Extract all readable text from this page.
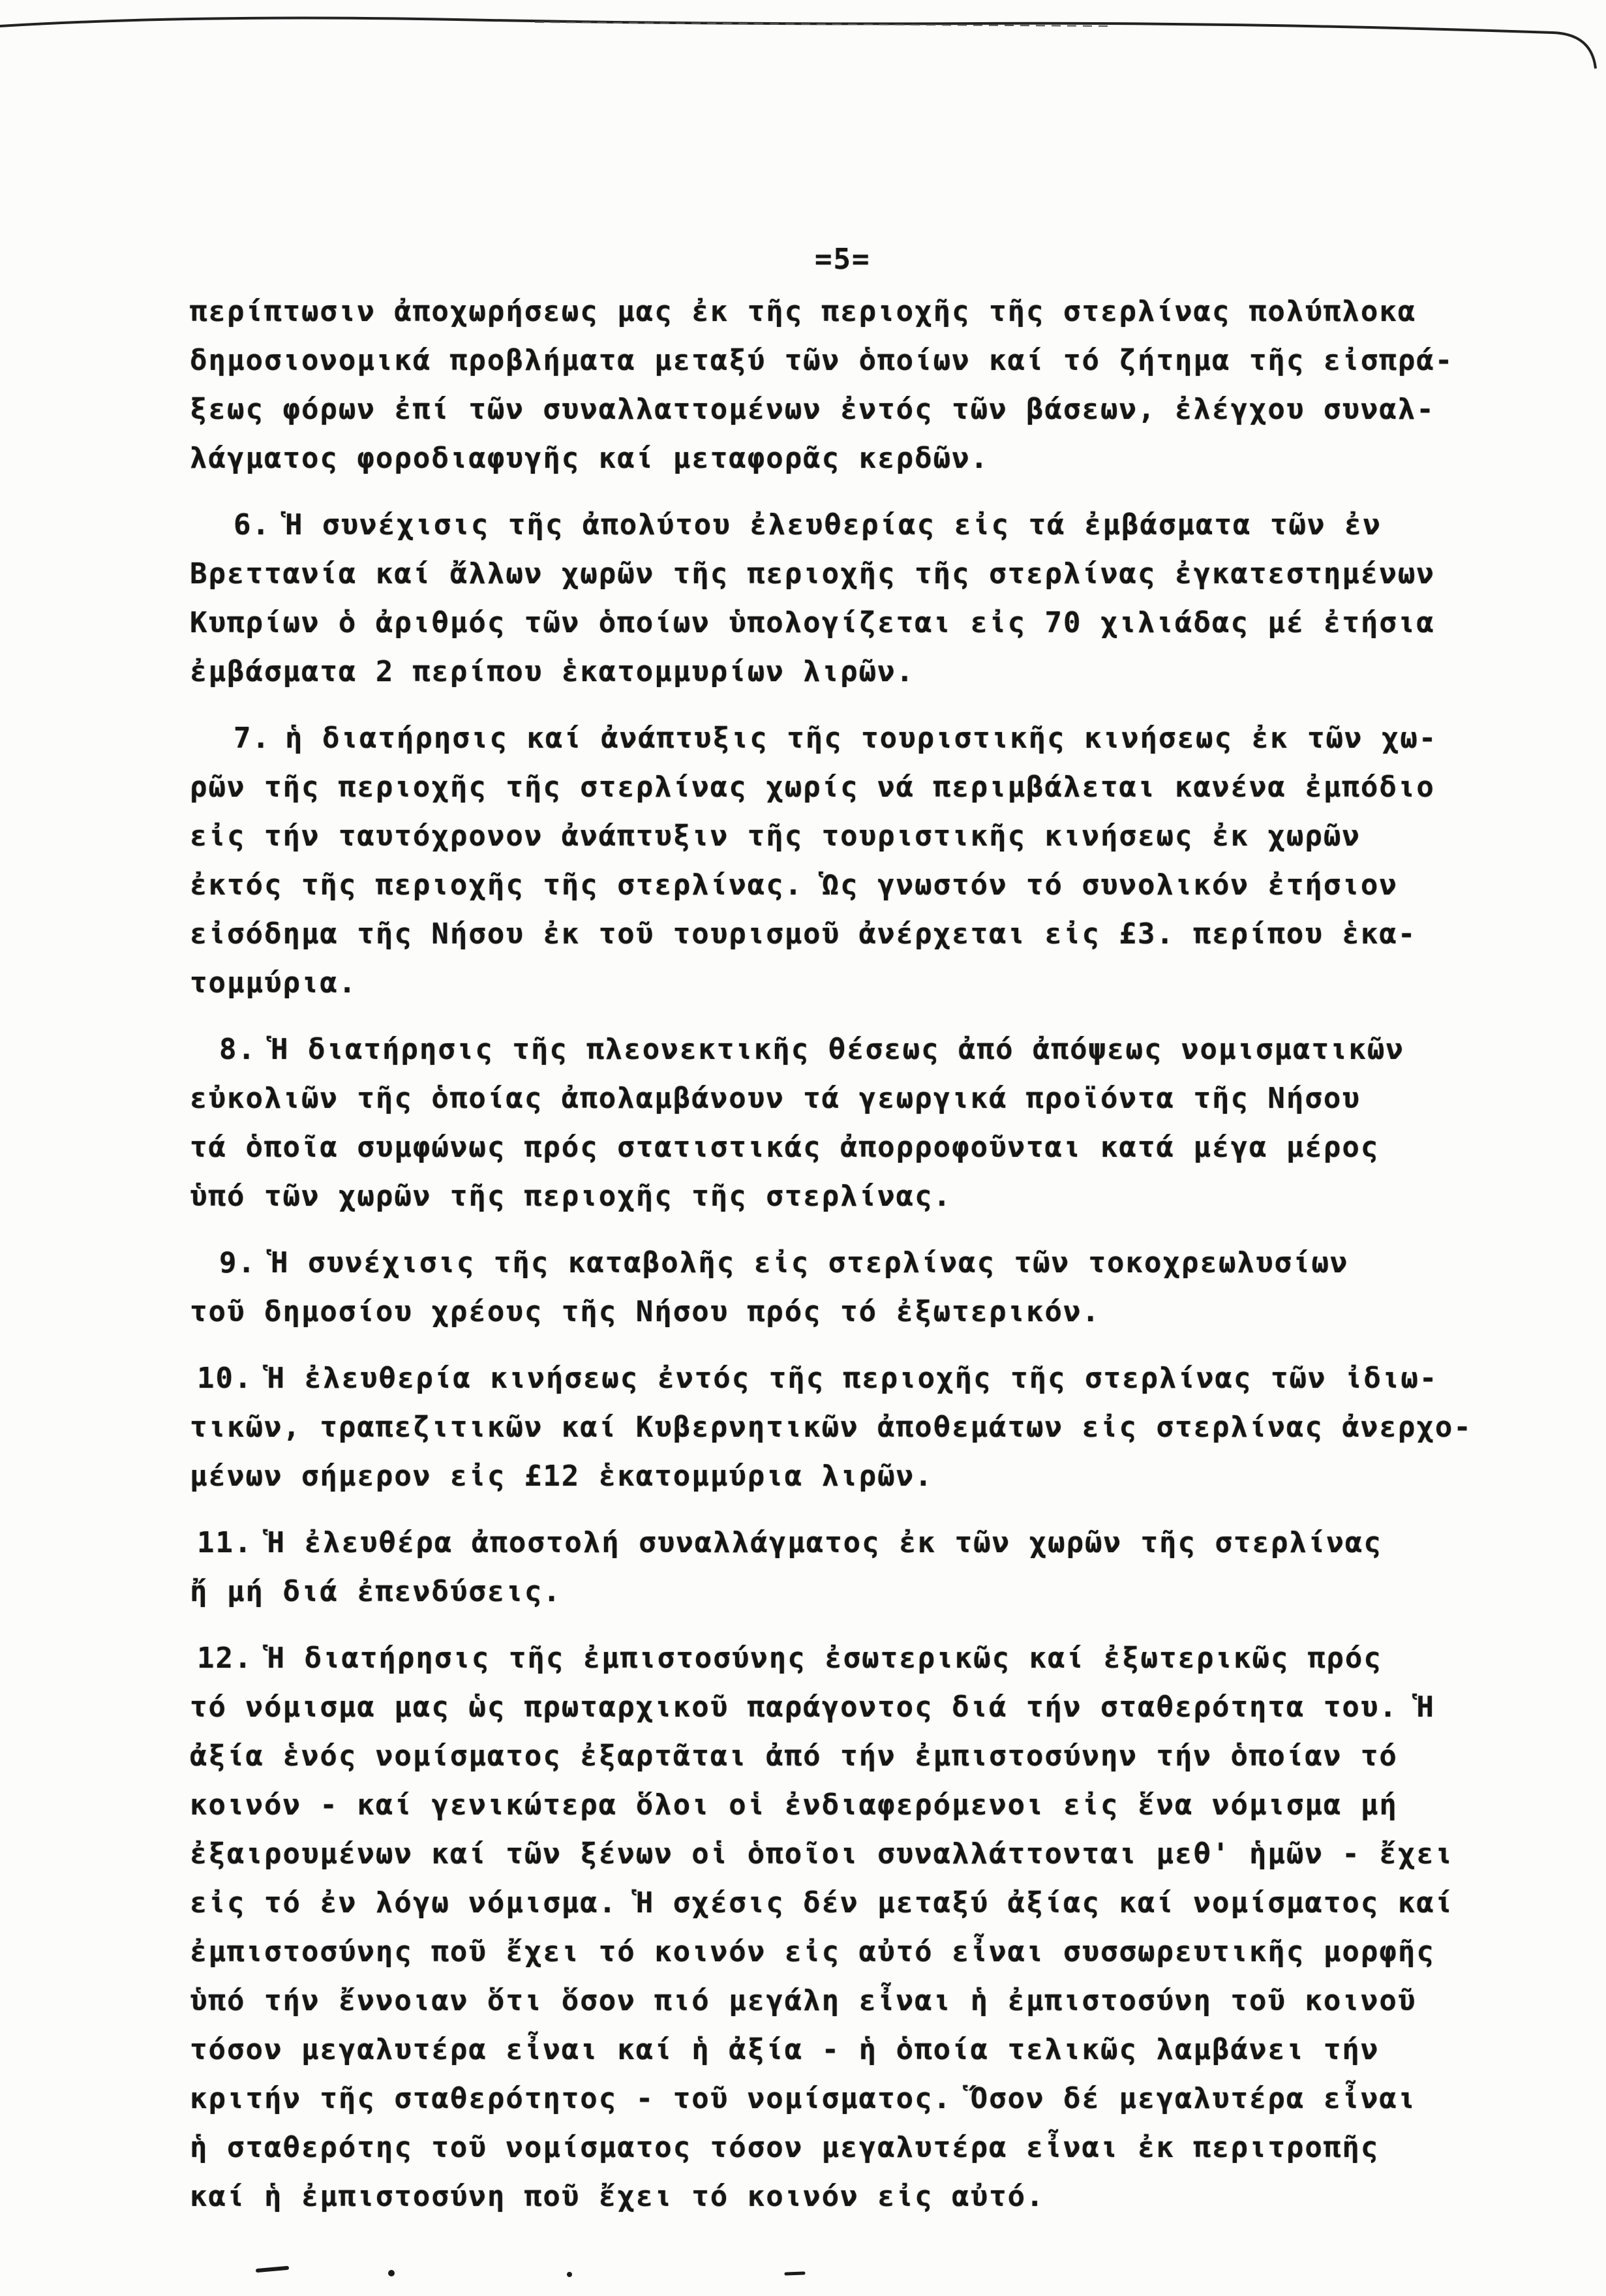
=5=
περίπτωσιν ἀποχωρήσεως μας ἐκ τῆς περιοχῆς τῆς στερλίνας πολύπλοκα
δημοσιονομικά προβλήματα μεταξύ τῶν ὁποίων καί τό ζήτημα τῆς εἰσπρά-
ξεως φόρων ἐπί τῶν συναλλαττομένων ἐντός τῶν βάσεων, ἐλέγχου συναλ-
λάγματος φοροδιαφυγῆς καί μεταφορᾶς κερδῶν.
6. Ἡ συνέχισις τῆς ἀπολύτου ἐλευθερίας εἰς τά ἐμβάσματα τῶν ἐν
Βρεττανία καί ἄλλων χωρῶν τῆς περιοχῆς τῆς στερλίνας ἐγκατεστημένων
Κυπρίων ὁ ἀριθμός τῶν ὁποίων ὑπολογίζεται εἰς 70 χιλιάδας μέ ἐτήσια
ἐμβάσματα 2 περίπου ἑκατομμυρίων λιρῶν.
7. ἡ διατήρησις καί ἀνάπτυξις τῆς τουριστικῆς κινήσεως ἐκ τῶν χω-
ρῶν τῆς περιοχῆς τῆς στερλίνας χωρίς νά περιμβάλεται κανένα ἐμπόδιο
εἰς τήν ταυτόχρονον ἀνάπτυξιν τῆς τουριστικῆς κινήσεως ἐκ χωρῶν
ἐκτός τῆς περιοχῆς τῆς στερλίνας. Ὡς γνωστόν τό συνολικόν ἐτήσιον
εἰσόδημα τῆς Νήσου ἐκ τοῦ τουρισμοῦ ἀνέρχεται εἰς £3. περίπου ἑκα-
τομμύρια.
8. Ἡ διατήρησις τῆς πλεονεκτικῆς θέσεως ἀπό ἀπόψεως νομισματικῶν
εὐκολιῶν τῆς ὁποίας ἀπολαμβάνουν τά γεωργικά προϊόντα τῆς Νήσου
τά ὁποῖα συμφώνως πρός στατιστικάς ἀπορροφοῦνται κατά μέγα μέρος
ὑπό τῶν χωρῶν τῆς περιοχῆς τῆς στερλίνας.
9. Ἡ συνέχισις τῆς καταβολῆς εἰς στερλίνας τῶν τοκοχρεωλυσίων
τοῦ δημοσίου χρέους τῆς Νήσου πρός τό ἐξωτερικόν.
10. Ἡ ἐλευθερία κινήσεως ἐντός τῆς περιοχῆς τῆς στερλίνας τῶν ἰδιω-
τικῶν, τραπεζιτικῶν καί Κυβερνητικῶν ἀποθεμάτων εἰς στερλίνας ἀνερχο-
μένων σήμερον εἰς £12 ἑκατομμύρια λιρῶν.
11. Ἡ ἐλευθέρα ἀποστολή συναλλάγματος ἐκ τῶν χωρῶν τῆς στερλίνας
ἤ μή διά ἐπενδύσεις.
12. Ἡ διατήρησις τῆς ἐμπιστοσύνης ἐσωτερικῶς καί ἐξωτερικῶς πρός
τό νόμισμα μας ὡς πρωταρχικοῦ παράγοντος διά τήν σταθερότητα του. Ἡ
ἀξία ἑνός νομίσματος ἐξαρτᾶται ἀπό τήν ἐμπιστοσύνην τήν ὁποίαν τό
κοινόν - καί γενικώτερα ὅλοι οἱ ἐνδιαφερόμενοι εἰς ἕνα νόμισμα μή
ἐξαιρουμένων καί τῶν ξένων οἱ ὁποῖοι συναλλάττονται μεθ' ἡμῶν - ἔχει
εἰς τό ἐν λόγω νόμισμα. Ἡ σχέσις δέν μεταξύ ἀξίας καί νομίσματος καί
ἐμπιστοσύνης ποῦ ἔχει τό κοινόν εἰς αὐτό εἶναι συσσωρευτικῆς μορφῆς
ὑπό τήν ἔννοιαν ὅτι ὅσον πιό μεγάλη εἶναι ἡ ἐμπιστοσύνη τοῦ κοινοῦ
τόσον μεγαλυτέρα εἶναι καί ἡ ἀξία - ἡ ὁποία τελικῶς λαμβάνει τήν
κριτήν τῆς σταθερότητος - τοῦ νομίσματος. Ὅσον δέ μεγαλυτέρα εἶναι
ἡ σταθερότης τοῦ νομίσματος τόσον μεγαλυτέρα εἶναι ἐκ περιτροπῆς
καί ἡ ἐμπιστοσύνη ποῦ ἔχει τό κοινόν εἰς αὐτό.
